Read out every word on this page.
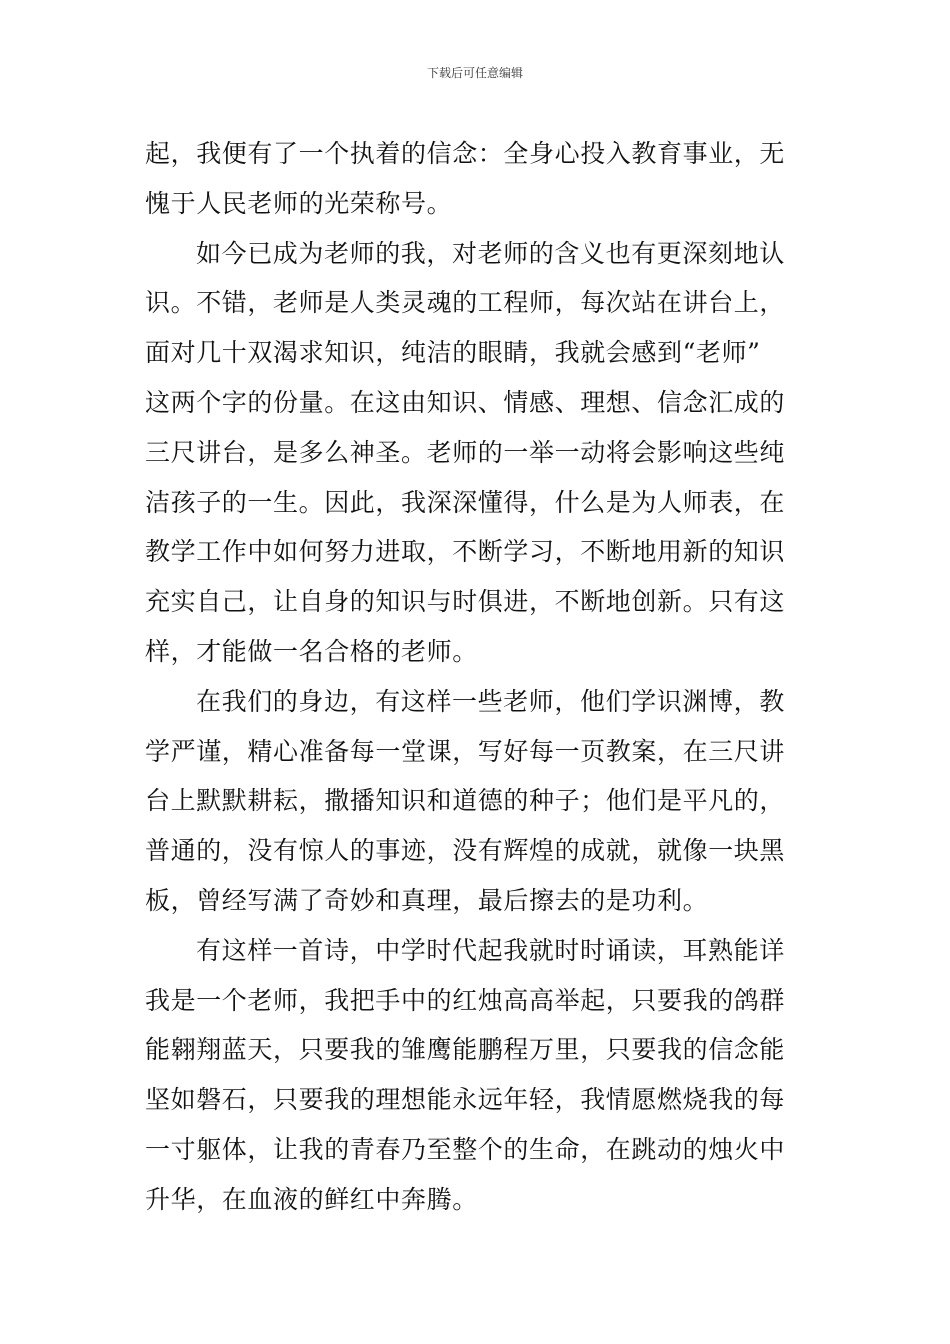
下载后可任意编辑
起，我便有了一个执着的信念：全身心投入教育事业，无
愧于人民老师的光荣称号。
如今已成为老师的我，对老师的含义也有更深刻地认
识。不错，老师是人类灵魂的工程师，每次站在讲台上，
面对几十双渴求知识，纯洁的眼睛，我就会感到“老师”
这两个字的份量。在这由知识、情感、理想、信念汇成的
三尺讲台，是多么神圣。老师的一举一动将会影响这些纯
洁孩子的一生。因此，我深深懂得，什么是为人师表，在
教学工作中如何努力进取，不断学习，不断地用新的知识
充实自己，让自身的知识与时俱进，不断地创新。只有这
样，才能做一名合格的老师。
在我们的身边，有这样一些老师，他们学识渊博，教
学严谨，精心准备每一堂课，写好每一页教案，在三尺讲
台上默默耕耘，撒播知识和道德的种子；他们是平凡的，
普通的，没有惊人的事迹，没有辉煌的成就，就像一块黑
板，曾经写满了奇妙和真理，最后擦去的是功利。
有这样一首诗，中学时代起我就时时诵读，耳熟能详
我是一个老师，我把手中的红烛高高举起，只要我的鸽群
能翱翔蓝天，只要我的雏鹰能鹏程万里，只要我的信念能
坚如磐石，只要我的理想能永远年轻，我情愿燃烧我的每
一寸躯体，让我的青春乃至整个的生命，在跳动的烛火中
升华，在血液的鲜红中奔腾。
